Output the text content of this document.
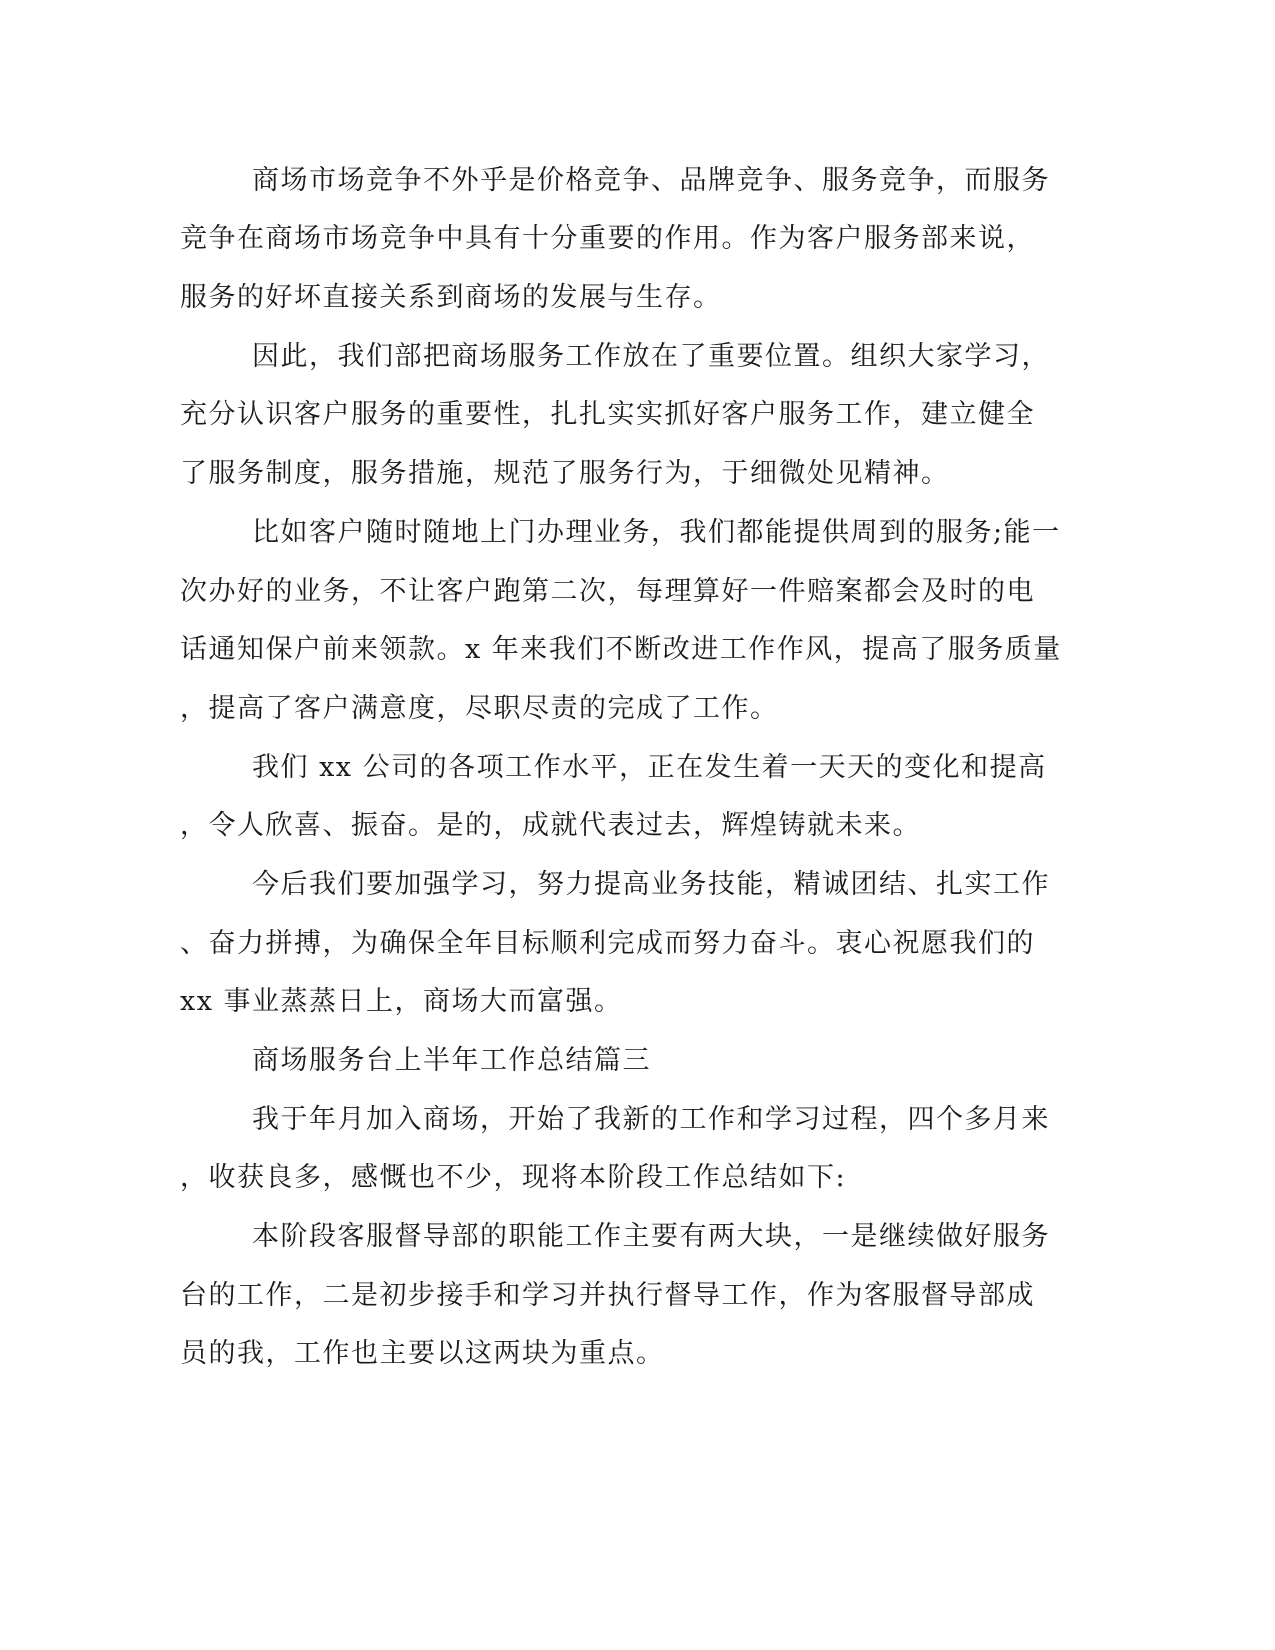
商场市场竞争不外乎是价格竞争、品牌竞争、服务竞争，而服务
竞争在商场市场竞争中具有十分重要的作用。作为客户服务部来说，
服务的好坏直接关系到商场的发展与生存。
因此，我们部把商场服务工作放在了重要位置。组织大家学习，
充分认识客户服务的重要性，扎扎实实抓好客户服务工作，建立健全
了服务制度，服务措施，规范了服务行为，于细微处见精神。
比如客户随时随地上门办理业务，我们都能提供周到的服务;能一
次办好的业务，不让客户跑第二次，每理算好一件赔案都会及时的电
话通知保户前来领款。x 年来我们不断改进工作作风，提高了服务质量
，提高了客户满意度，尽职尽责的完成了工作。
我们 xx 公司的各项工作水平，正在发生着一天天的变化和提高
，令人欣喜、振奋。是的，成就代表过去，辉煌铸就未来。
今后我们要加强学习，努力提高业务技能，精诚团结、扎实工作
、奋力拼搏，为确保全年目标顺利完成而努力奋斗。衷心祝愿我们的
xx 事业蒸蒸日上，商场大而富强。
商场服务台上半年工作总结篇三
我于年月加入商场，开始了我新的工作和学习过程，四个多月来
，收获良多，感慨也不少，现将本阶段工作总结如下:
本阶段客服督导部的职能工作主要有两大块，一是继续做好服务
台的工作，二是初步接手和学习并执行督导工作，作为客服督导部成
员的我，工作也主要以这两块为重点。
